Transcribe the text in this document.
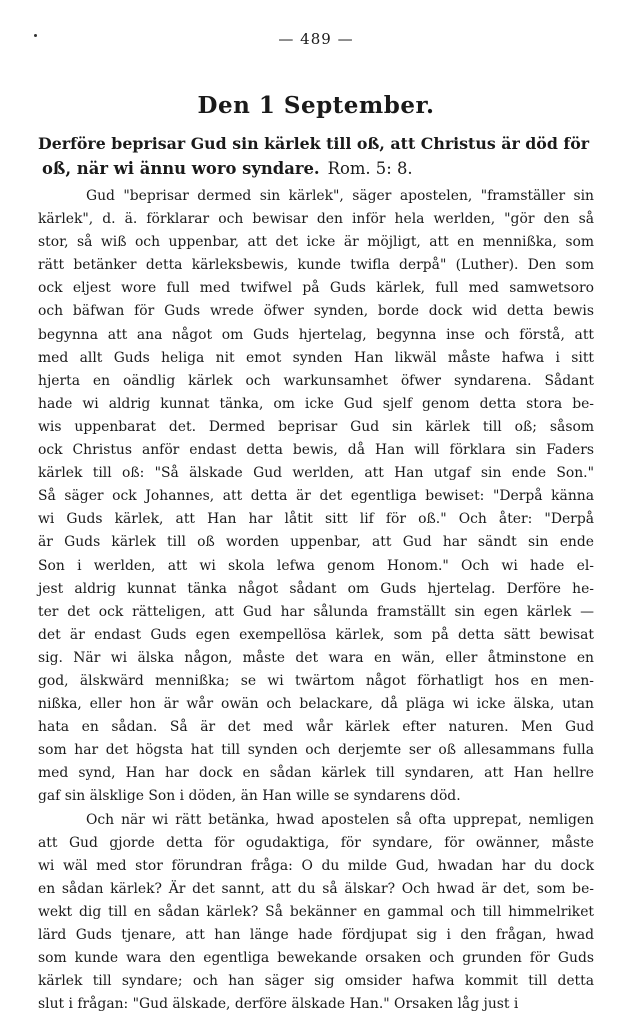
— 489 —
Den 1 September.
Derföre beprisar Gud sin kärlek till oß, att Christus är död för
oß, när wi ännu woro syndare. Rom. 5: 8.
Gud "beprisar dermed sin kärlek", säger apostelen, "framställer sin
kärlek", d. ä. förklarar och bewisar den inför hela werlden, "gör den så
stor, så wiß och uppenbar, att det icke är möjligt, att en mennißka, som
rätt betänker detta kärleksbewis, kunde twifla derpå" (Luther). Den som
ock eljest wore full med twifwel på Guds kärlek, full med samwetsoro
och bäfwan för Guds wrede öfwer synden, borde dock wid detta bewis
begynna att ana något om Guds hjertelag, begynna inse och förstå, att
med allt Guds heliga nit emot synden Han likwäl måste hafwa i sitt
hjerta en oändlig kärlek och warkunsamhet öfwer syndarena. Sådant
hade wi aldrig kunnat tänka, om icke Gud sjelf genom detta stora be-
wis uppenbarat det. Dermed beprisar Gud sin kärlek till oß; såsom
ock Christus anför endast detta bewis, då Han will förklara sin Faders
kärlek till oß: "Så älskade Gud werlden, att Han utgaf sin ende Son."
Så säger ock Johannes, att detta är det egentliga bewiset: "Derpå känna
wi Guds kärlek, att Han har låtit sitt lif för oß." Och åter: "Derpå
är Guds kärlek till oß worden uppenbar, att Gud har sändt sin ende
Son i werlden, att wi skola lefwa genom Honom." Och wi hade el-
jest aldrig kunnat tänka något sådant om Guds hjertelag. Derföre he-
ter det ock rätteligen, att Gud har sålunda framställt sin egen kärlek —
det är endast Guds egen exempellösa kärlek, som på detta sätt bewisat
sig. När wi älska någon, måste det wara en wän, eller åtminstone en
god, älskwärd mennißka; se wi twärtom något förhatligt hos en men-
nißka, eller hon är wår owän och belackare, då pläga wi icke älska, utan
hata en sådan. Så är det med wår kärlek efter naturen. Men Gud
som har det högsta hat till synden och derjemte ser oß allesammans fulla
med synd, Han har dock en sådan kärlek till syndaren, att Han hellre
gaf sin älsklige Son i döden, än Han wille se syndarens död.
Och när wi rätt betänka, hwad apostelen så ofta upprepat, nemligen
att Gud gjorde detta för ogudaktiga, för syndare, för owänner, måste
wi wäl med stor förundran fråga: O du milde Gud, hwadan har du dock
en sådan kärlek? Är det sannt, att du så älskar? Och hwad är det, som be-
wekt dig till en sådan kärlek? Så bekänner en gammal och till himmelriket
lärd Guds tjenare, att han länge hade fördjupat sig i den frågan, hwad
som kunde wara den egentliga bewekande orsaken och grunden för Guds
kärlek till syndare; och han säger sig omsider hafwa kommit till detta
slut i frågan: "Gud älskade, derföre älskade Han." Orsaken låg just i
